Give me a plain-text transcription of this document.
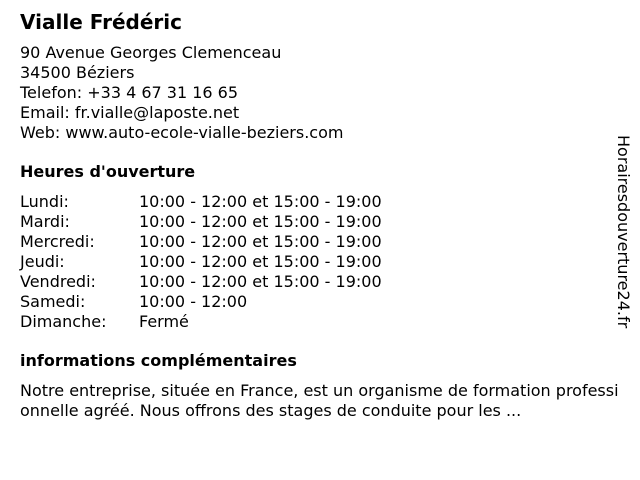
Vialle Frédéric
90 Avenue Georges Clemenceau
34500 Béziers
Telefon: +33 4 67 31 16 65
Email: fr.vialle@laposte.net
Web: www.auto-ecole-vialle-beziers.com
Heures d'ouverture
Lundi:	10:00 - 12:00 et 15:00 - 19:00
Mardi:	10:00 - 12:00 et 15:00 - 19:00
Mercredi:	10:00 - 12:00 et 15:00 - 19:00
Jeudi:	10:00 - 12:00 et 15:00 - 19:00
Vendredi:	10:00 - 12:00 et 15:00 - 19:00
Samedi:	10:00 - 12:00
Dimanche:	Fermé
informations complémentaires
Notre entreprise, située en France, est un organisme de formation professionnelle agréé. Nous offrons des stages de conduite pour les ...
Horairesdouverture24.fr
